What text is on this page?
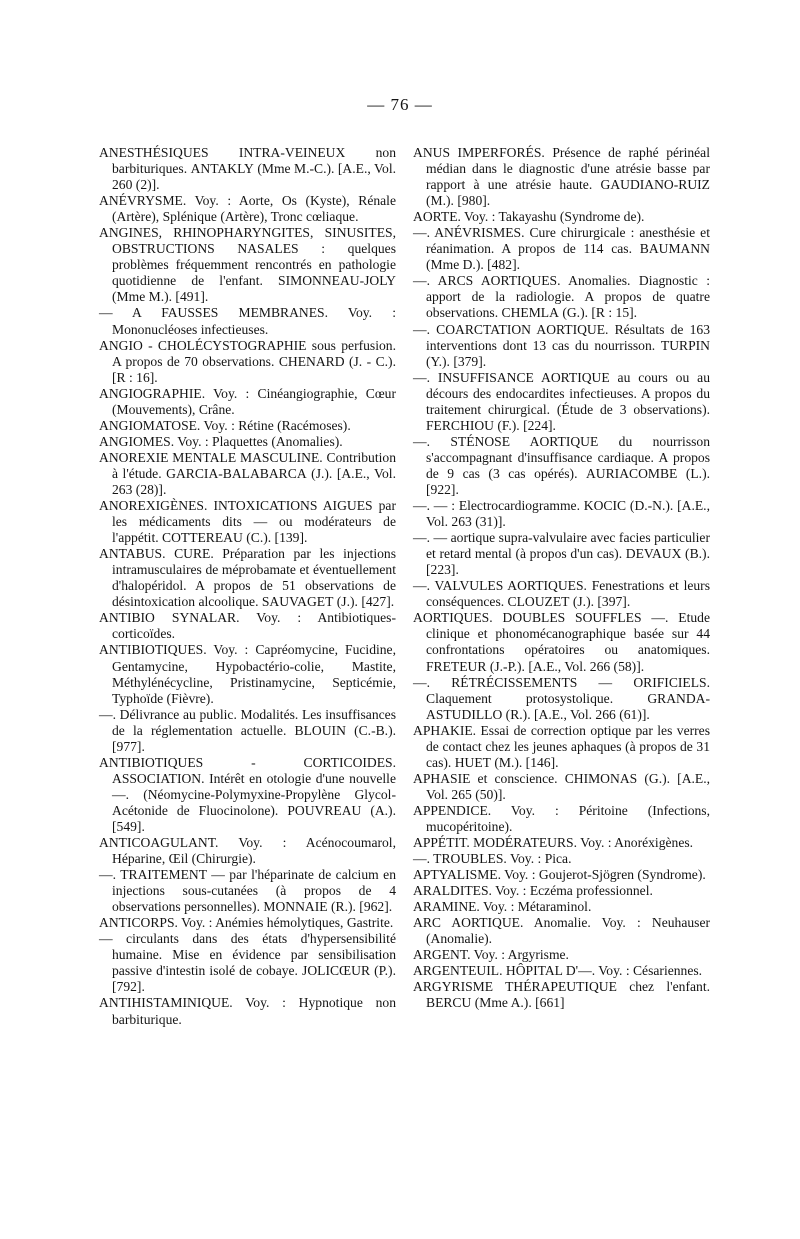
— 76 —

ANESTHÉSIQUES INTRA-VEINEUX non barbituriques. ANTAKLY (Mme M.-C.). [A.E., Vol. 260 (2)].

ANÉVRYSME. Voy. : Aorte, Os (Kyste), Rénale (Artère), Splénique (Artère), Tronc cœliaque.

ANGINES, RHINOPHARYNGITES, SINUSITES, OBSTRUCTIONS NASALES : quelques problèmes fréquemment rencontrés en pathologie quotidienne de l'enfant. SIMONNEAU-JOLY (Mme M.). [491].

— A FAUSSES MEMBRANES. Voy. : Mononucléoses infectieuses.

ANGIO - CHOLÉCYSTOGRAPHIE sous perfusion. A propos de 70 observations. CHENARD (J. - C.). [R : 16].

ANGIOGRAPHIE. Voy. : Cinéangiographie, Cœur (Mouvements), Crâne.

ANGIOMATOSE. Voy. : Rétine (Racémoses).

ANGIOMES. Voy. : Plaquettes (Anomalies).

ANOREXIE MENTALE MASCULINE. Contribution à l'étude. GARCIA-BALABARCA (J.). [A.E., Vol. 263 (28)].

ANOREXIGÈNES. INTOXICATIONS AIGUES par les médicaments dits — ou modérateurs de l'appétit. COTTEREAU (C.). [139].

ANTABUS. CURE. Préparation par les injections intramusculaires de méprobamate et éventuellement d'halopéridol. A propos de 51 observations de désintoxication alcoolique. SAUVAGET (J.). [427].

ANTIBIO SYNALAR. Voy. : Antibiotiques-corticoïdes.

ANTIBIOTIQUES. Voy. : Capréomycine, Fucidine, Gentamycine, Hypobactério-colie, Mastite, Méthylénécycline, Pristinamycine, Septicémie, Typhoïde (Fièvre).

—. Délivrance au public. Modalités. Les insuffisances de la réglementation actuelle. BLOUIN (C.-B.). [977].

ANTIBIOTIQUES - CORTICOIDES. ASSOCIATION. Intérêt en otologie d'une nouvelle —. (Néomycine-Polymyxine-Propylène Glycol-Acétonide de Fluocinolone). POUVREAU (A.). [549].

ANTICOAGULANT. Voy. : Acénocoumarol, Héparine, Œil (Chirurgie).

—. TRAITEMENT — par l'héparinate de calcium en injections sous-cutanées (à propos de 4 observations personnelles). MONNAIE (R.). [962].

ANTICORPS. Voy. : Anémies hémolytiques, Gastrite.

— circulants dans des états d'hypersensibilité humaine. Mise en évidence par sensibilisation passive d'intestin isolé de cobaye. JOLICŒUR (P.). [792].

ANTIHISTAMINIQUE. Voy. : Hypnotique non barbiturique.

ANUS IMPERFORÉS. Présence de raphé périnéal médian dans le diagnostic d'une atrésie basse par rapport à une atrésie haute. GAUDIANO-RUIZ (M.). [980].

AORTE. Voy. : Takayashu (Syndrome de).

—. ANÉVRISMES. Cure chirurgicale : anesthésie et réanimation. A propos de 114 cas. BAUMANN (Mme D.). [482].

—. ARCS AORTIQUES. Anomalies. Diagnostic : apport de la radiologie. A propos de quatre observations. CHEMLA (G.). [R : 15].

—. COARCTATION AORTIQUE. Résultats de 163 interventions dont 13 cas du nourrisson. TURPIN (Y.). [379].

—. INSUFFISANCE AORTIQUE au cours ou au décours des endocardites infectieuses. A propos du traitement chirurgical. (Étude de 3 observations). FERCHIOU (F.). [224].

—. STÉNOSE AORTIQUE du nourrisson s'accompagnant d'insuffisance cardiaque. A propos de 9 cas (3 cas opérés). AURIACOMBE (L.). [922].

—. — : Electrocardiogramme. KOCIC (D.-N.). [A.E., Vol. 263 (31)].

—. — aortique supra-valvulaire avec facies particulier et retard mental (à propos d'un cas). DEVAUX (B.). [223].

—. VALVULES AORTIQUES. Fenestrations et leurs conséquences. CLOUZET (J.). [397].

AORTIQUES. DOUBLES SOUFFLES —. Etude clinique et phonomécanographique basée sur 44 confrontations opératoires ou anatomiques. FRETEUR (J.-P.). [A.E., Vol. 266 (58)].

—. RÉTRÉCISSEMENTS — ORIFICIELS. Claquement protosystolique. GRANDA-ASTUDILLO (R.). [A.E., Vol. 266 (61)].

APHAKIE. Essai de correction optique par les verres de contact chez les jeunes aphaques (à propos de 31 cas). HUET (M.). [146].

APHASIE et conscience. CHIMONAS (G.). [A.E., Vol. 265 (50)].

APPENDICE. Voy. : Péritoine (Infections, mucopéritoine).

APPÉTIT. MODÉRATEURS. Voy. : Anoréxigènes.

—. TROUBLES. Voy. : Pica.

APTYALISME. Voy. : Goujerot-Sjögren (Syndrome).

ARALDITES. Voy. : Eczéma professionnel.

ARAMINE. Voy. : Métaraminol.

ARC AORTIQUE. Anomalie. Voy. : Neuhauser (Anomalie).

ARGENT. Voy. : Argyrisme.

ARGENTEUIL. HÔPITAL D'—. Voy. : Césariennes.

ARGYRISME THÉRAPEUTIQUE chez l'enfant. BERCU (Mme A.). [661]
